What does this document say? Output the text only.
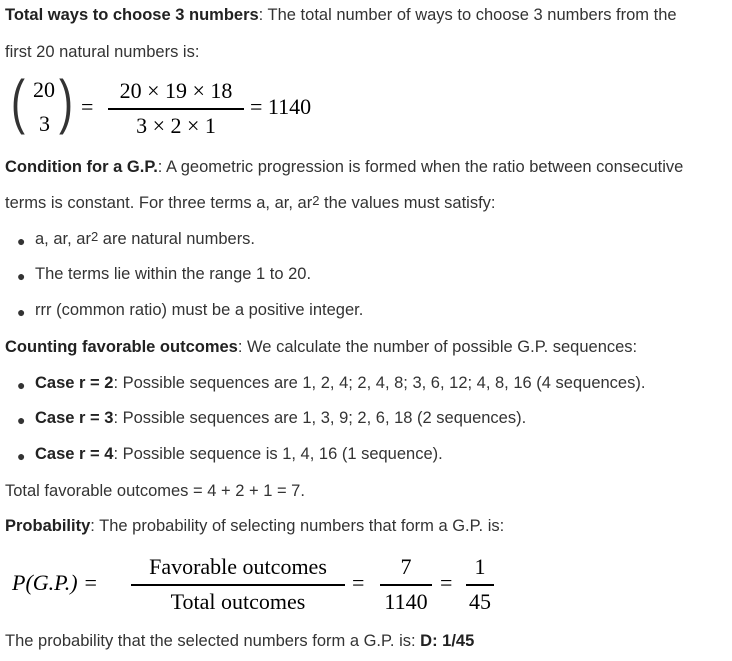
Total ways to choose 3 numbers: The total number of ways to choose 3 numbers from the
first 20 natural numbers is:
( 20
3 ) =
20 × 19 × 18
3 × 2 × 1
= 1140
Condition for a G.P.: A geometric progression is formed when the ratio between consecutive
terms is constant. For three terms a, ar, $ar^2$ the values must satisfy:
● a, ar, $ar^2$ are natural numbers.
● The terms lie within the range 1 to 20.
● rrr (common ratio) must be a positive integer.
Counting favorable outcomes: We calculate the number of possible G.P. sequences:
● Case r = 2: Possible sequences are 1, 2, 4; 2, 4, 8; 3, 6, 12; 4, 8, 16 (4 sequences).
● Case r = 3: Possible sequences are 1, 3, 9; 2, 6, 18 (2 sequences).
● Case r = 4: Possible sequence is 1, 4, 16 (1 sequence).
Total favorable outcomes = 4 + 2 + 1 = 7.
Probability: The probability of selecting numbers that form a G.P. is:
P(G.P.) =
Favorable outcomes
Total outcomes
=
7
1140
=
1
45
The probability that the selected numbers form a G.P. is: D: 1/45
